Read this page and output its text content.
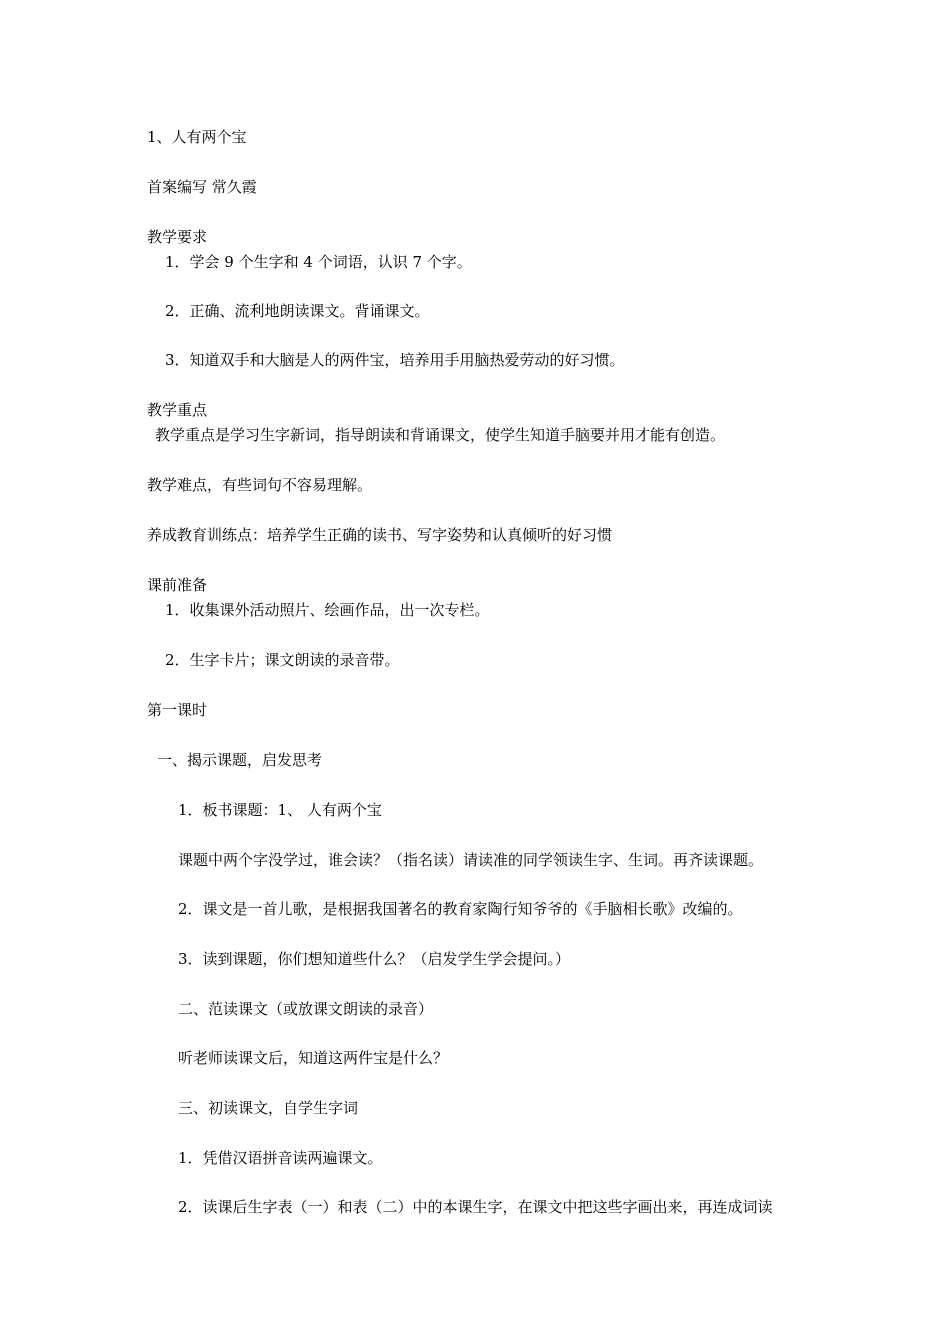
1、人有两个宝
首案编写 常久霞
教学要求
1．学会 9 个生字和 4 个词语，认识 7 个字。
2．正确、流利地朗读课文。背诵课文。
3．知道双手和大脑是人的两件宝，培养用手用脑热爱劳动的好习惯。
教学重点
教学重点是学习生字新词，指导朗读和背诵课文，使学生知道手脑要并用才能有创造。
教学难点，有些词句不容易理解。
养成教育训练点：培养学生正确的读书、写字姿势和认真倾听的好习惯
课前准备
1．收集课外活动照片、绘画作品，出一次专栏。
2．生字卡片；课文朗读的录音带。
第一课时
一、揭示课题，启发思考
1．板书课题：1、 人有两个宝
课题中两个字没学过，谁会读？（指名读）请读准的同学领读生字、生词。再齐读课题。
2．课文是一首儿歌，是根据我国著名的教育家陶行知爷爷的《手脑相长歌》改编的。
3．读到课题，你们想知道些什么？（启发学生学会提问。）
二、范读课文（或放课文朗读的录音）
听老师读课文后，知道这两件宝是什么？
三、初读课文，自学生字词
1．凭借汉语拼音读两遍课文。
2．读课后生字表（一）和表（二）中的本课生字，在课文中把这些字画出来，再连成词读
